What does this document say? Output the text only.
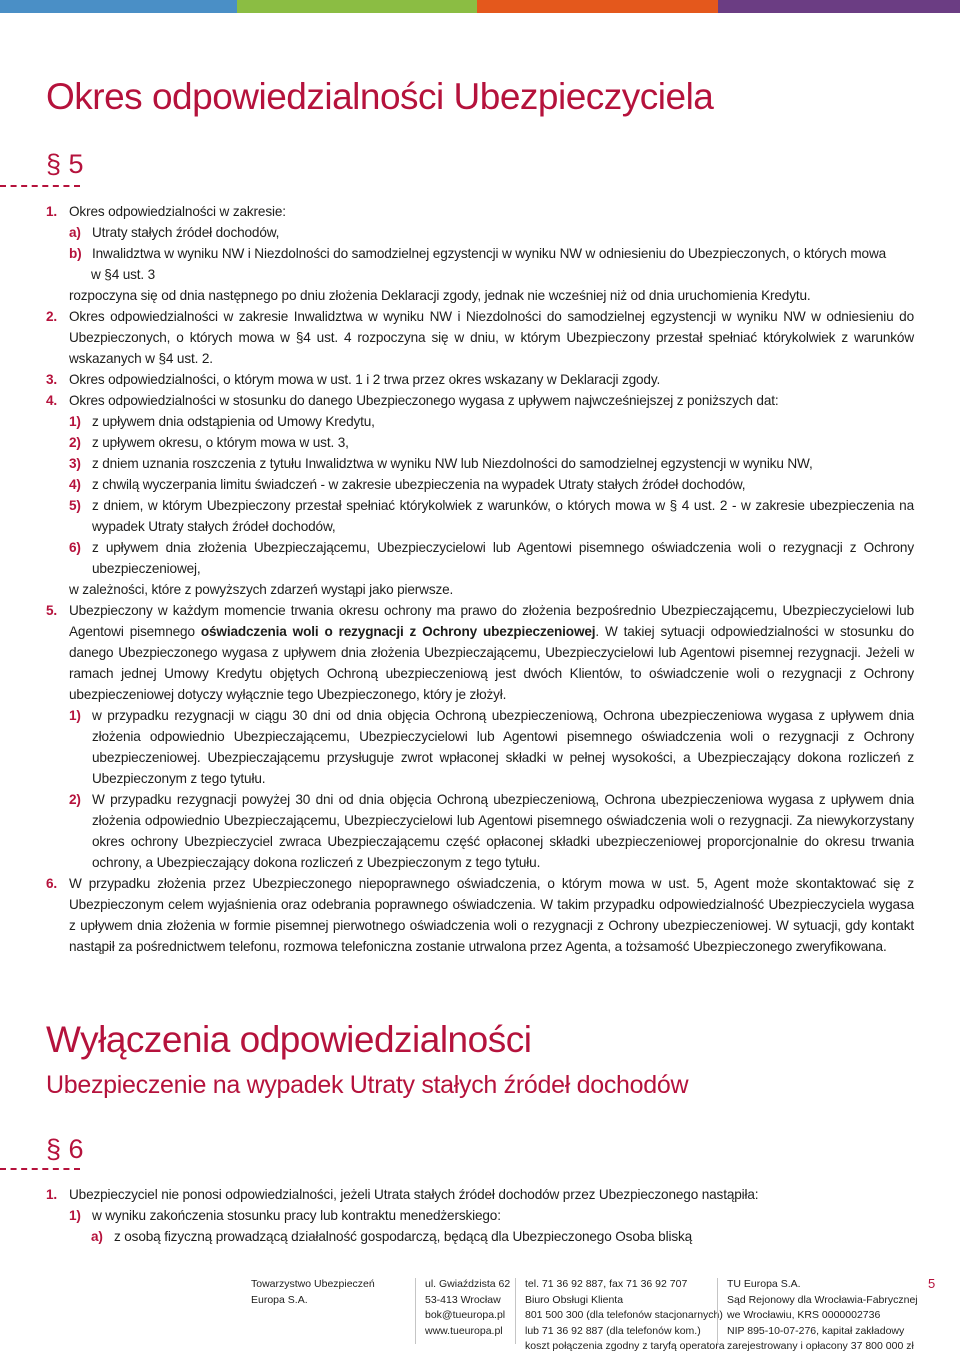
Okres odpowiedzialności Ubezpieczyciela
§ 5
1. Okres odpowiedzialności w zakresie:
a) Utraty stałych źródeł dochodów,
b) Inwalidztwa w wyniku NW i Niezdolności do samodzielnej egzystencji w wyniku NW w odniesieniu do Ubezpieczonych, o których mowa
w §4 ust. 3
rozpoczyna się od dnia następnego po dniu złożenia Deklaracji zgody, jednak nie wcześniej niż od dnia uruchomienia Kredytu.
2. Okres odpowiedzialności w zakresie Inwalidztwa w wyniku NW i Niezdolności do samodzielnej egzystencji w wyniku NW w odniesieniu do Ubezpieczonych, o których mowa w §4 ust. 4 rozpoczyna się w dniu, w którym Ubezpieczony przestał spełniać którykolwiek z warunków wskazanych w §4 ust. 2.
3. Okres odpowiedzialności, o którym mowa w ust. 1 i 2 trwa przez okres wskazany w Deklaracji zgody.
4. Okres odpowiedzialności w stosunku do danego Ubezpieczonego wygasa z upływem najwcześniejszej z poniższych dat:
1) z upływem dnia odstąpienia od Umowy Kredytu,
2) z upływem okresu, o którym mowa w ust. 3,
3) z dniem uznania roszczenia z tytułu Inwalidztwa w wyniku NW lub Niezdolności do samodzielnej egzystencji w wyniku NW,
4) z chwilą wyczerpania limitu świadczeń - w zakresie ubezpieczenia na wypadek Utraty stałych źródeł dochodów,
5) z dniem, w którym Ubezpieczony przestał spełniać którykolwiek z warunków, o których mowa w § 4 ust. 2 - w zakresie ubezpieczenia na wypadek Utraty stałych źródeł dochodów,
6) z upływem dnia złożenia Ubezpieczającemu, Ubezpieczycielowi lub Agentowi pisemnego oświadczenia woli o rezygnacji z Ochrony ubezpieczeniowej,
w zależności, które z powyższych zdarzeń wystąpi jako pierwsze.
5. Ubezpieczony w każdym momencie trwania okresu ochrony ma prawo do złożenia bezpośrednio Ubezpieczającemu, Ubezpieczycielowi lub Agentowi pisemnego oświadczenia woli o rezygnacji z Ochrony ubezpieczeniowej. W takiej sytuacji odpowiedzialności w stosunku do danego Ubezpieczonego wygasa z upływem dnia złożenia Ubezpieczającemu, Ubezpieczycielowi lub Agentowi pisemnej rezygnacji. Jeżeli w ramach jednej Umowy Kredytu objętych Ochroną ubezpieczeniową jest dwóch Klientów, to oświadczenie woli o rezygnacji z Ochrony ubezpieczeniowej dotyczy wyłącznie tego Ubezpieczonego, który je złożył.
1) w przypadku rezygnacji w ciągu 30 dni od dnia objęcia Ochroną ubezpieczeniową, Ochrona ubezpieczeniowa wygasa z upływem dnia złożenia odpowiednio Ubezpieczającemu, Ubezpieczycielowi lub Agentowi pisemnego oświadczenia woli o rezygnacji z Ochrony ubezpieczeniowej. Ubezpieczającemu przysługuje zwrot wpłaconej składki w pełnej wysokości, a Ubezpieczający dokona rozliczeń z Ubezpieczonym z tego tytułu.
2) W przypadku rezygnacji powyżej 30 dni od dnia objęcia Ochroną ubezpieczeniową, Ochrona ubezpieczeniowa wygasa z upływem dnia złożenia odpowiednio Ubezpieczającemu, Ubezpieczycielowi lub Agentowi pisemnego oświadczenia woli o rezygnacji. Za niewykorzystany okres ochrony Ubezpieczyciel zwraca Ubezpieczającemu część opłaconej składki ubezpieczeniowej proporcjonalnie do okresu trwania ochrony, a Ubezpieczający dokona rozliczeń z Ubezpieczonym z tego tytułu.
6. W przypadku złożenia przez Ubezpieczonego niepoprawnego oświadczenia, o którym mowa w ust. 5, Agent może skontaktować się z Ubezpieczonym celem wyjaśnienia oraz odebrania poprawnego oświadczenia. W takim przypadku odpowiedzialność Ubezpieczyciela wygasa z upływem dnia złożenia w formie pisemnej pierwotnego oświadczenia woli o rezygnacji z Ochrony ubezpieczeniowej. W sytuacji, gdy kontakt nastąpił za pośrednictwem telefonu, rozmowa telefoniczna zostanie utrwalona przez Agenta, a tożsamość Ubezpieczonego zweryfikowana.
Wyłączenia odpowiedzialności
Ubezpieczenie na wypadek Utraty stałych źródeł dochodów
§ 6
1. Ubezpieczyciel nie ponosi odpowiedzialności, jeżeli Utrata stałych źródeł dochodów przez Ubezpieczonego nastąpiła:
1) w wyniku zakończenia stosunku pracy lub kontraktu menedżerskiego:
a) z osobą fizyczną prowadzącą działalność gospodarczą, będącą dla Ubezpieczonego Osoba bliską
Towarzystwo Ubezpieczeń
Europa S.A.
ul. Gwiaździsta 62
53-413 Wrocław
bok@tueuropa.pl
www.tueuropa.pl
tel. 71 36 92 887, fax 71 36 92 707
Biuro Obsługi Klienta
801 500 300 (dla telefonów stacjonarnych)
lub 71 36 92 887 (dla telefonów kom.)
koszt połączenia zgodny z taryfą operatora
TU Europa S.A.
Sąd Rejonowy dla Wrocławia-Fabrycznej
we Wrocławiu, KRS 0000002736
NIP 895-10-07-276, kapitał zakładowy
zarejestrowany i opłacony 37 800 000 zł
5
